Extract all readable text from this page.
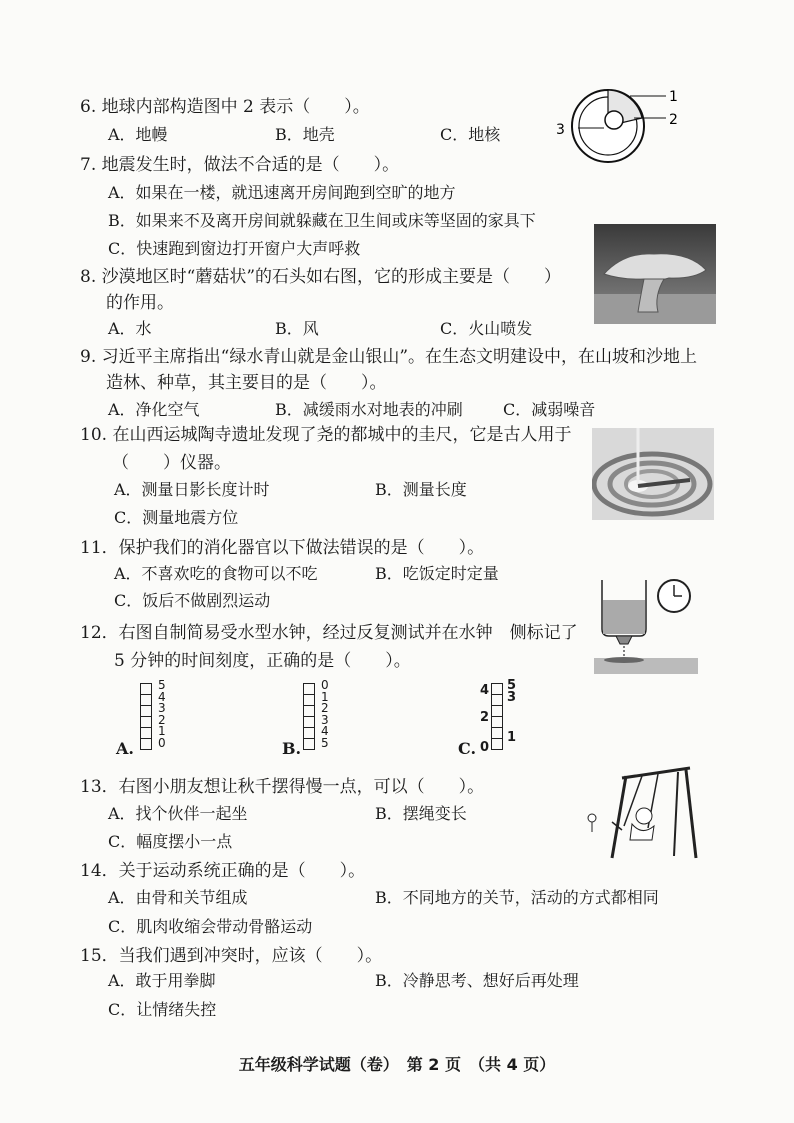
6. 地球内部构造图中 2 表示（　　）。
A．地幔	B．地壳	C．地核
1
2
3
7. 地震发生时，做法不合适的是（　　）。
A．如果在一楼，就迅速离开房间跑到空旷的地方
B．如果来不及离开房间就躲藏在卫生间或床等坚固的家具下
C．快速跑到窗边打开窗户大声呼救
8. 沙漠地区时“蘑菇状”的石头如右图，它的形成主要是（　　）
的作用。
A．水	B．风	C．火山喷发
9. 习近平主席指出“绿水青山就是金山银山”。在生态文明建设中，在山坡和沙地上
造林、种草，其主要目的是（　　）。
A．净化空气	B．减缓雨水对地表的冲刷	C．减弱噪音
10. 在山西运城陶寺遗址发现了尧的都城中的圭尺，它是古人用于
（　　）仪器。
A．测量日影长度计时	B．测量长度
C．测量地震方位
11．保护我们的消化器官以下做法错误的是（　　）。
A．不喜欢吃的食物可以不吃	B．吃饭定时定量
C．饭后不做剧烈运动
12．右图自制简易受水型水钟，经过反复测试并在水钟　侧标记了
5 分钟的时间刻度，正确的是（　　）。
A.
5
4
3
2
1
0	B.
0
1
2
3
4
5	C.
4
2
0
5
3
1
13．右图小朋友想让秋千摆得慢一点，可以（　　）。
A．找个伙伴一起坐	B．摆绳变长
C．幅度摆小一点
14．关于运动系统正确的是（　　）。
A．由骨和关节组成	B．不同地方的关节，活动的方式都相同
C．肌肉收缩会带动骨骼运动
15．当我们遇到冲突时，应该（　　）。
A．敢于用拳脚	B．冷静思考、想好后再处理
C．让情绪失控
五年级科学试题（卷）　第 2 页　（共 4 页）
